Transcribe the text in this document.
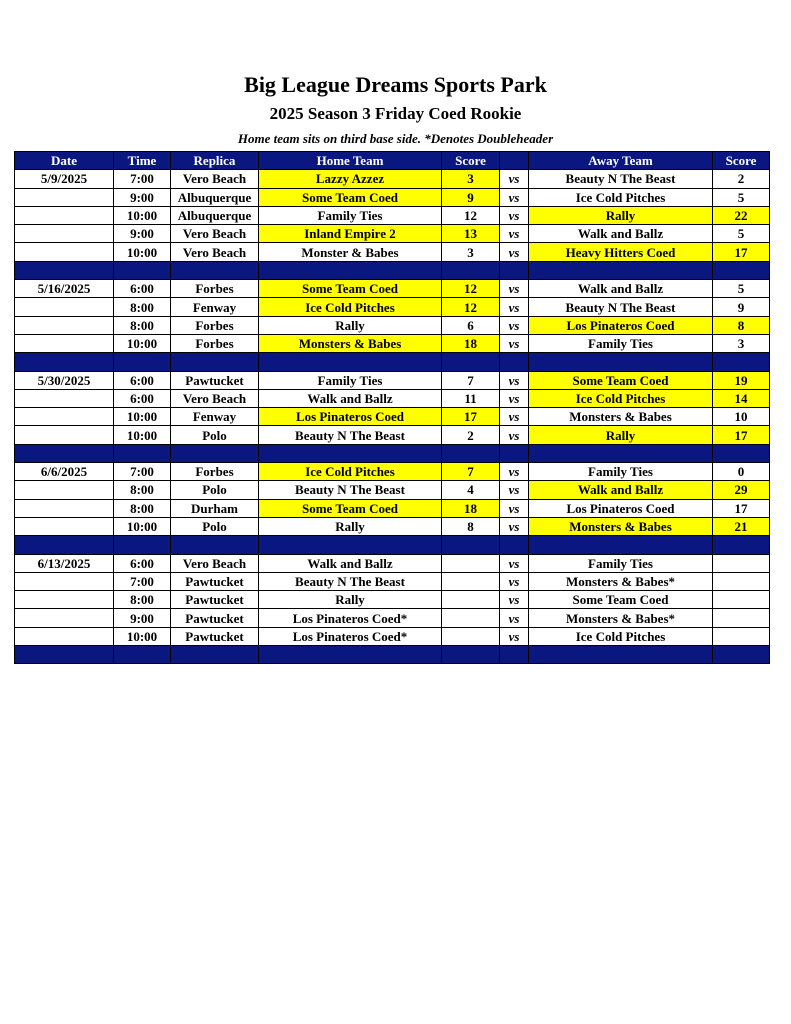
Big League Dreams Sports Park
2025 Season 3 Friday Coed Rookie
Home team sits on third base side. *Denotes Doubleheader
Date	Time	Replica	Home Team	Score		Away Team	Score
5/9/2025	7:00	Vero Beach	Lazzy Azzez	3	vs	Beauty N The Beast	2
	9:00	Albuquerque	Some Team Coed	9	vs	Ice Cold Pitches	5
	10:00	Albuquerque	Family Ties	12	vs	Rally	22
	9:00	Vero Beach	Inland Empire 2	13	vs	Walk and Ballz	5
	10:00	Vero Beach	Monster & Babes	3	vs	Heavy Hitters Coed	17

5/16/2025	6:00	Forbes	Some Team Coed	12	vs	Walk and Ballz	5
	8:00	Fenway	Ice Cold Pitches	12	vs	Beauty N The Beast	9
	8:00	Forbes	Rally	6	vs	Los Pinateros Coed	8
	10:00	Forbes	Monsters & Babes	18	vs	Family Ties	3

5/30/2025	6:00	Pawtucket	Family Ties	7	vs	Some Team Coed	19
	6:00	Vero Beach	Walk and Ballz	11	vs	Ice Cold Pitches	14
	10:00	Fenway	Los Pinateros Coed	17	vs	Monsters & Babes	10
	10:00	Polo	Beauty N The Beast	2	vs	Rally	17

6/6/2025	7:00	Forbes	Ice Cold Pitches	7	vs	Family Ties	0
	8:00	Polo	Beauty N The Beast	4	vs	Walk and Ballz	29
	8:00	Durham	Some Team Coed	18	vs	Los Pinateros Coed	17
	10:00	Polo	Rally	8	vs	Monsters & Babes	21

6/13/2025	6:00	Vero Beach	Walk and Ballz		vs	Family Ties	
	7:00	Pawtucket	Beauty N The Beast		vs	Monsters & Babes*	
	8:00	Pawtucket	Rally		vs	Some Team Coed	
	9:00	Pawtucket	Los Pinateros Coed*		vs	Monsters & Babes*	
	10:00	Pawtucket	Los Pinateros Coed*		vs	Ice Cold Pitches	
